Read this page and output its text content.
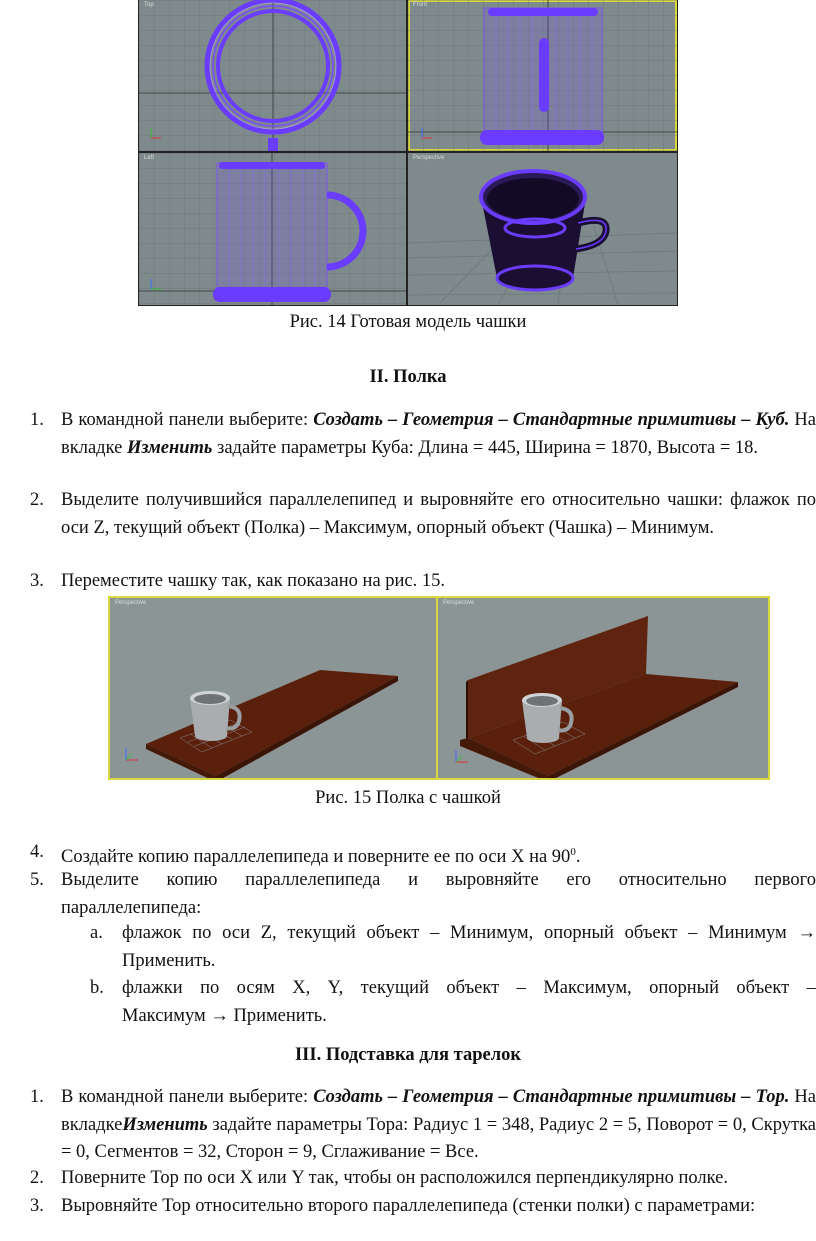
Top	Front
Left	Perspective
Рис. 14 Готовая модель чашки
II. Полка
1. В командной панели выберите: Создать – Геометрия – Стандартные примитивы – Куб. На вкладке Изменить задайте параметры Куба: Длина = 445, Ширина = 1870, Высота = 18.
2. Выделите получившийся параллелепипед и выровняйте его относительно чашки: флажок по оси Z, текущий объект (Полка) – Максимум, опорный объект (Чашка) – Минимум.
3. Переместите чашку так, как показано на рис. 15.
Perspective	Perspective
Рис. 15 Полка с чашкой
4. Создайте копию параллелепипеда и поверните ее по оси X на $90^0$.
5. Выделите копию параллелепипеда и выровняйте его относительно первого
параллелепипеда:
a. флажок по оси Z, текущий объект – Минимум, опорный объект – Минимум → Применить.
b. флажки по осям X, Y, текущий объект – Максимум, опорный объект –
Максимум → Применить.
III. Подставка для тарелок
1. В командной панели выберите: Создать – Геометрия – Стандартные примитивы – Тор. На вкладкеИзменить задайте параметры Тора: Радиус 1 = 348, Радиус 2 = 5, Поворот = 0, Скрутка = 0, Сегментов = 32, Сторон = 9, Сглаживание = Все.
2. Поверните Тор по оси X или Y так, чтобы он расположился перпендикулярно полке.
3. Выровняйте Тор относительно второго параллелепипеда (стенки полки) с параметрами:
